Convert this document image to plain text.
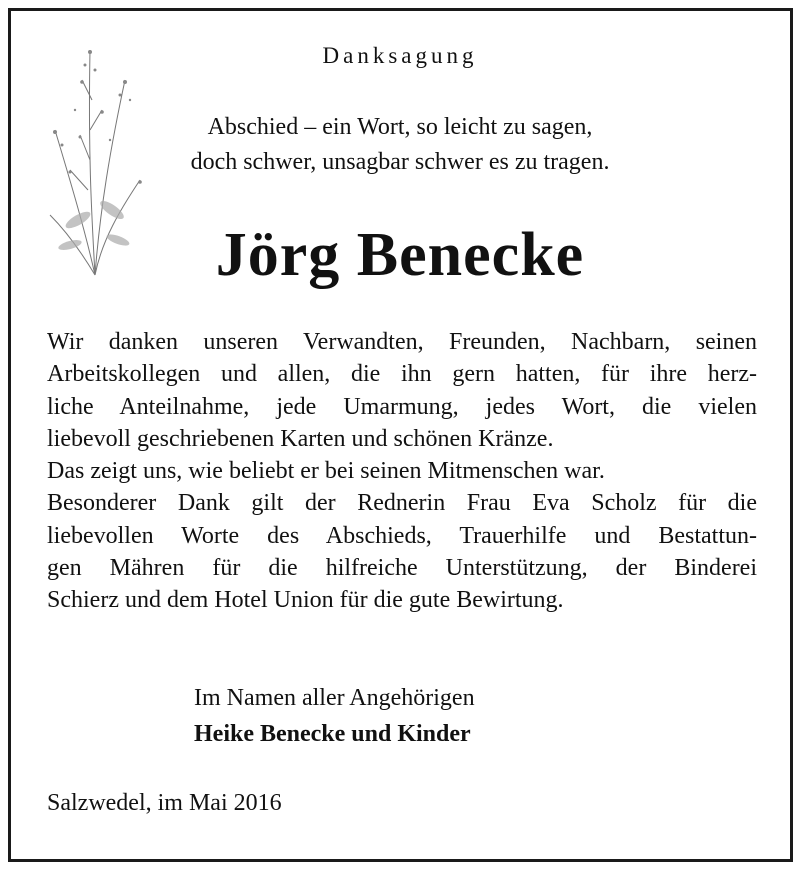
Danksagung
Abschied – ein Wort, so leicht zu sagen,
doch schwer, unsagbar schwer es zu tragen.
Jörg Benecke
Wir danken unseren Verwandten, Freunden, Nachbarn, seinen
Arbeitskollegen und allen, die ihn gern hatten, für ihre herz-
liche Anteilnahme, jede Umarmung, jedes Wort, die vielen
liebevoll geschriebenen Karten und schönen Kränze.
Das zeigt uns, wie beliebt er bei seinen Mitmenschen war.
Besonderer Dank gilt der Rednerin Frau Eva Scholz für die
liebevollen Worte des Abschieds, Trauerhilfe und Bestattun-
gen Mähren für die hilfreiche Unterstützung, der Binderei
Schierz und dem Hotel Union für die gute Bewirtung.
Im Namen aller Angehörigen
Heike Benecke und Kinder
Salzwedel, im Mai 2016
